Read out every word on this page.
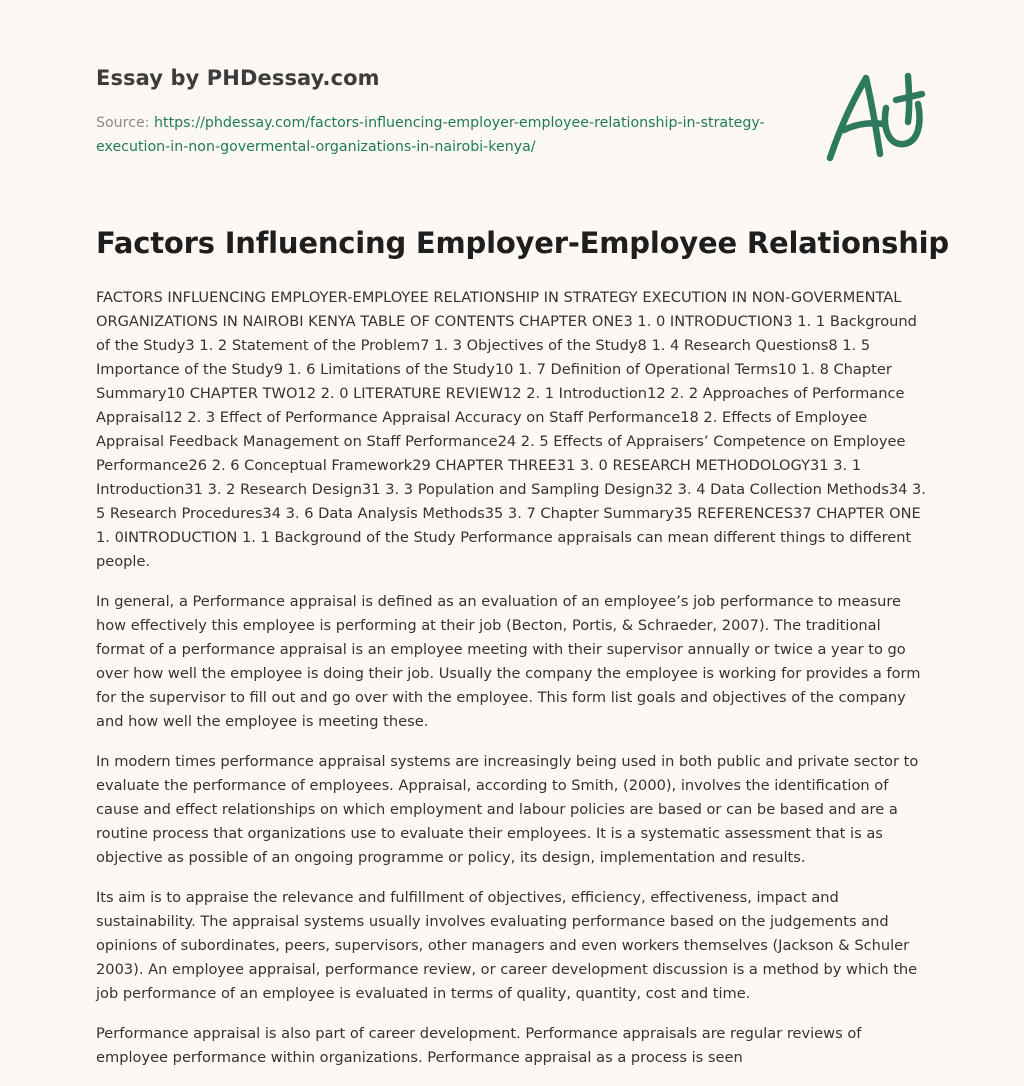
Essay by PHDessay.com
Source: https://phdessay.com/factors-influencing-employer-employee-relationship-in-strategy-execution-in-non-govermental-organizations-in-nairobi-kenya/
Factors Influencing Employer-Employee Relationship

FACTORS INFLUENCING EMPLOYER-EMPLOYEE RELATIONSHIP IN STRATEGY EXECUTION IN NON-GOVERMENTAL ORGANIZATIONS IN NAIROBI KENYA TABLE OF CONTENTS CHAPTER ONE3 1. 0 INTRODUCTION3 1. 1 Background of the Study3 1. 2 Statement of the Problem7 1. 3 Objectives of the Study8 1. 4 Research Questions8 1. 5 Importance of the Study9 1. 6 Limitations of the Study10 1. 7 Definition of Operational Terms10 1. 8 Chapter Summary10 CHAPTER TWO12 2. 0 LITERATURE REVIEW12 2. 1 Introduction12 2. 2 Approaches of Performance Appraisal12 2. 3 Effect of Performance Appraisal Accuracy on Staff Performance18 2. Effects of Employee Appraisal Feedback Management on Staff Performance24 2. 5 Effects of Appraisers’ Competence on Employee Performance26 2. 6 Conceptual Framework29 CHAPTER THREE31 3. 0 RESEARCH METHODOLOGY31 3. 1 Introduction31 3. 2 Research Design31 3. 3 Population and Sampling Design32 3. 4 Data Collection Methods34 3. 5 Research Procedures34 3. 6 Data Analysis Methods35 3. 7 Chapter Summary35 REFERENCES37 CHAPTER ONE 1. 0INTRODUCTION 1. 1 Background of the Study Performance appraisals can mean different things to different people.

In general, a Performance appraisal is defined as an evaluation of an employee’s job performance to measure how effectively this employee is performing at their job (Becton, Portis, & Schraeder, 2007). The traditional format of a performance appraisal is an employee meeting with their supervisor annually or twice a year to go over how well the employee is doing their job. Usually the company the employee is working for provides a form for the supervisor to fill out and go over with the employee. This form list goals and objectives of the company and how well the employee is meeting these.

In modern times performance appraisal systems are increasingly being used in both public and private sector to evaluate the performance of employees. Appraisal, according to Smith, (2000), involves the identification of cause and effect relationships on which employment and labour policies are based or can be based and are a routine process that organizations use to evaluate their employees. It is a systematic assessment that is as objective as possible of an ongoing programme or policy, its design, implementation and results.

Its aim is to appraise the relevance and fulfillment of objectives, efficiency, effectiveness, impact and sustainability. The appraisal systems usually involves evaluating performance based on the judgements and opinions of subordinates, peers, supervisors, other managers and even workers themselves (Jackson & Schuler 2003). An employee appraisal, performance review, or career development discussion is a method by which the job performance of an employee is evaluated in terms of quality, quantity, cost and time.

Performance appraisal is also part of career development. Performance appraisals are regular reviews of employee performance within organizations. Performance appraisal as a process is seen
